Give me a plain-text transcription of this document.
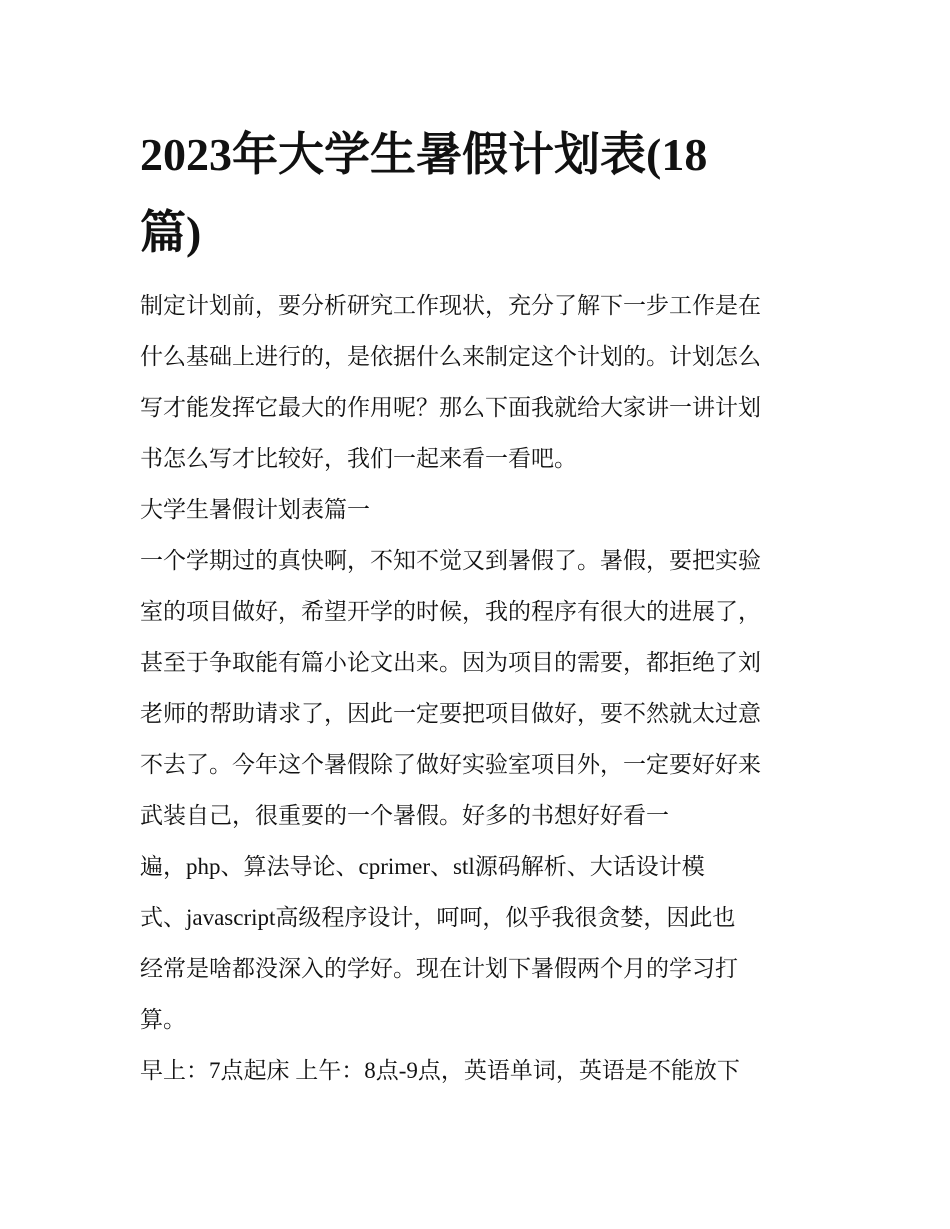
2023年大学生暑假计划表(18
篇)
制定计划前，要分析研究工作现状，充分了解下一步工作是在
什么基础上进行的，是依据什么来制定这个计划的。计划怎么
写才能发挥它最大的作用呢？那么下面我就给大家讲一讲计划
书怎么写才比较好，我们一起来看一看吧。
大学生暑假计划表篇一
一个学期过的真快啊，不知不觉又到暑假了。暑假，要把实验
室的项目做好，希望开学的时候，我的程序有很大的进展了，
甚至于争取能有篇小论文出来。因为项目的需要，都拒绝了刘
老师的帮助请求了，因此一定要把项目做好，要不然就太过意
不去了。今年这个暑假除了做好实验室项目外，一定要好好来
武装自己，很重要的一个暑假。好多的书想好好看一
遍，php、算法导论、cprimer、stl源码解析、大话设计模
式、javascript高级程序设计，呵呵，似乎我很贪婪，因此也
经常是啥都没深入的学好。现在计划下暑假两个月的学习打
算。
早上：7点起床 上午：8点-9点，英语单词，英语是不能放下
